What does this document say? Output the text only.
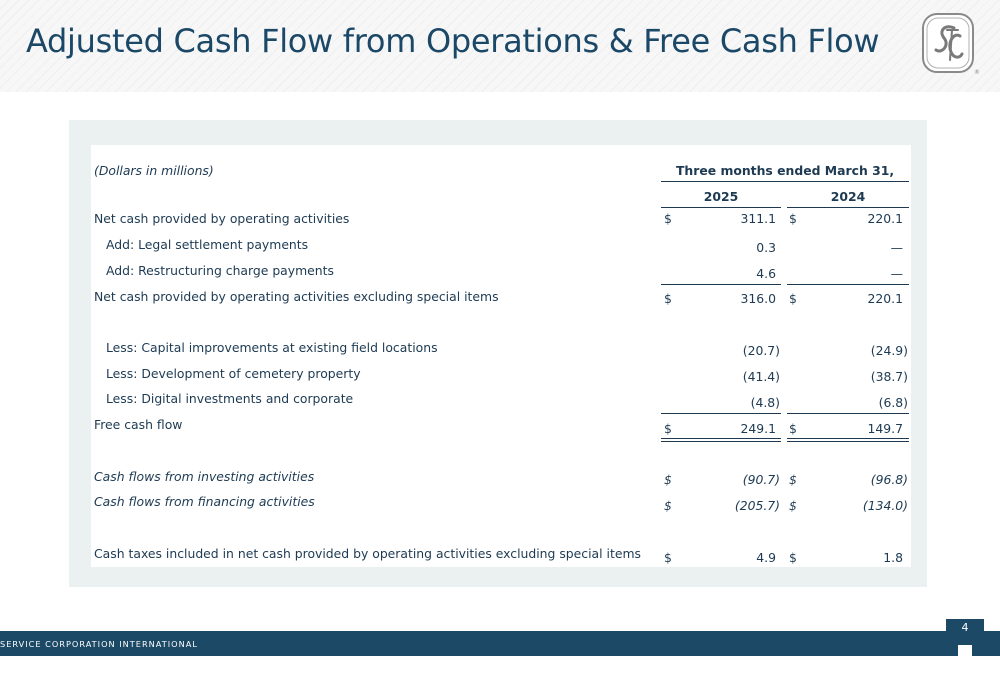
Adjusted Cash Flow from Operations & Free Cash Flow
®
(Dollars in millions)	Three months ended March 31,
2025	2024
Net cash provided by operating activities	$	311.1 $	220.1
Add: Legal settlement payments	0.3	—
Add: Restructuring charge payments	4.6	—
Net cash provided by operating activities excluding special items	$	316.0 $	220.1
Less: Capital improvements at existing field locations	(20.7)	(24.9)
Less: Development of cemetery property	(41.4)	(38.7)
Less: Digital investments and corporate	(4.8)	(6.8)
Free cash flow	$	249.1 $	149.7
Cash flows from investing activities	$	(90.7) $	(96.8)
Cash flows from financing activities	$	(205.7) $	(134.0)
Cash taxes included in net cash provided by operating activities excluding special items $	4.9 $	1.8
SERVICE CORPORATION INTERNATIONAL
4
